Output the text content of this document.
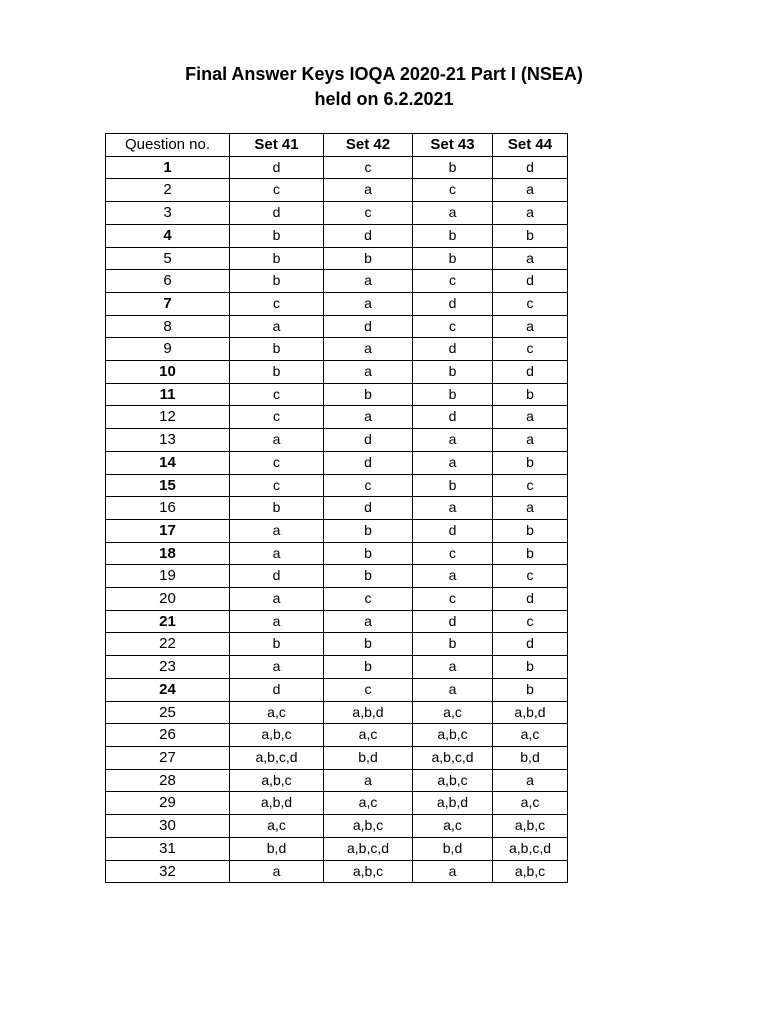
Final Answer Keys IOQA 2020-21 Part I (NSEA)
held on 6.2.2021
Question no.	Set 41	Set 42	Set 43	Set 44
1	d	c	b	d
2	c	a	c	a
3	d	c	a	a
4	b	d	b	b
5	b	b	b	a
6	b	a	c	d
7	c	a	d	c
8	a	d	c	a
9	b	a	d	c
10	b	a	b	d
11	c	b	b	b
12	c	a	d	a
13	a	d	a	a
14	c	d	a	b
15	c	c	b	c
16	b	d	a	a
17	a	b	d	b
18	a	b	c	b
19	d	b	a	c
20	a	c	c	d
21	a	a	d	c
22	b	b	b	d
23	a	b	a	b
24	d	c	a	b
25	a,c	a,b,d	a,c	a,b,d
26	a,b,c	a,c	a,b,c	a,c
27	a,b,c,d	b,d	a,b,c,d	b,d
28	a,b,c	a	a,b,c	a
29	a,b,d	a,c	a,b,d	a,c
30	a,c	a,b,c	a,c	a,b,c
31	b,d	a,b,c,d	b,d	a,b,c,d
32	a	a,b,c	a	a,b,c
